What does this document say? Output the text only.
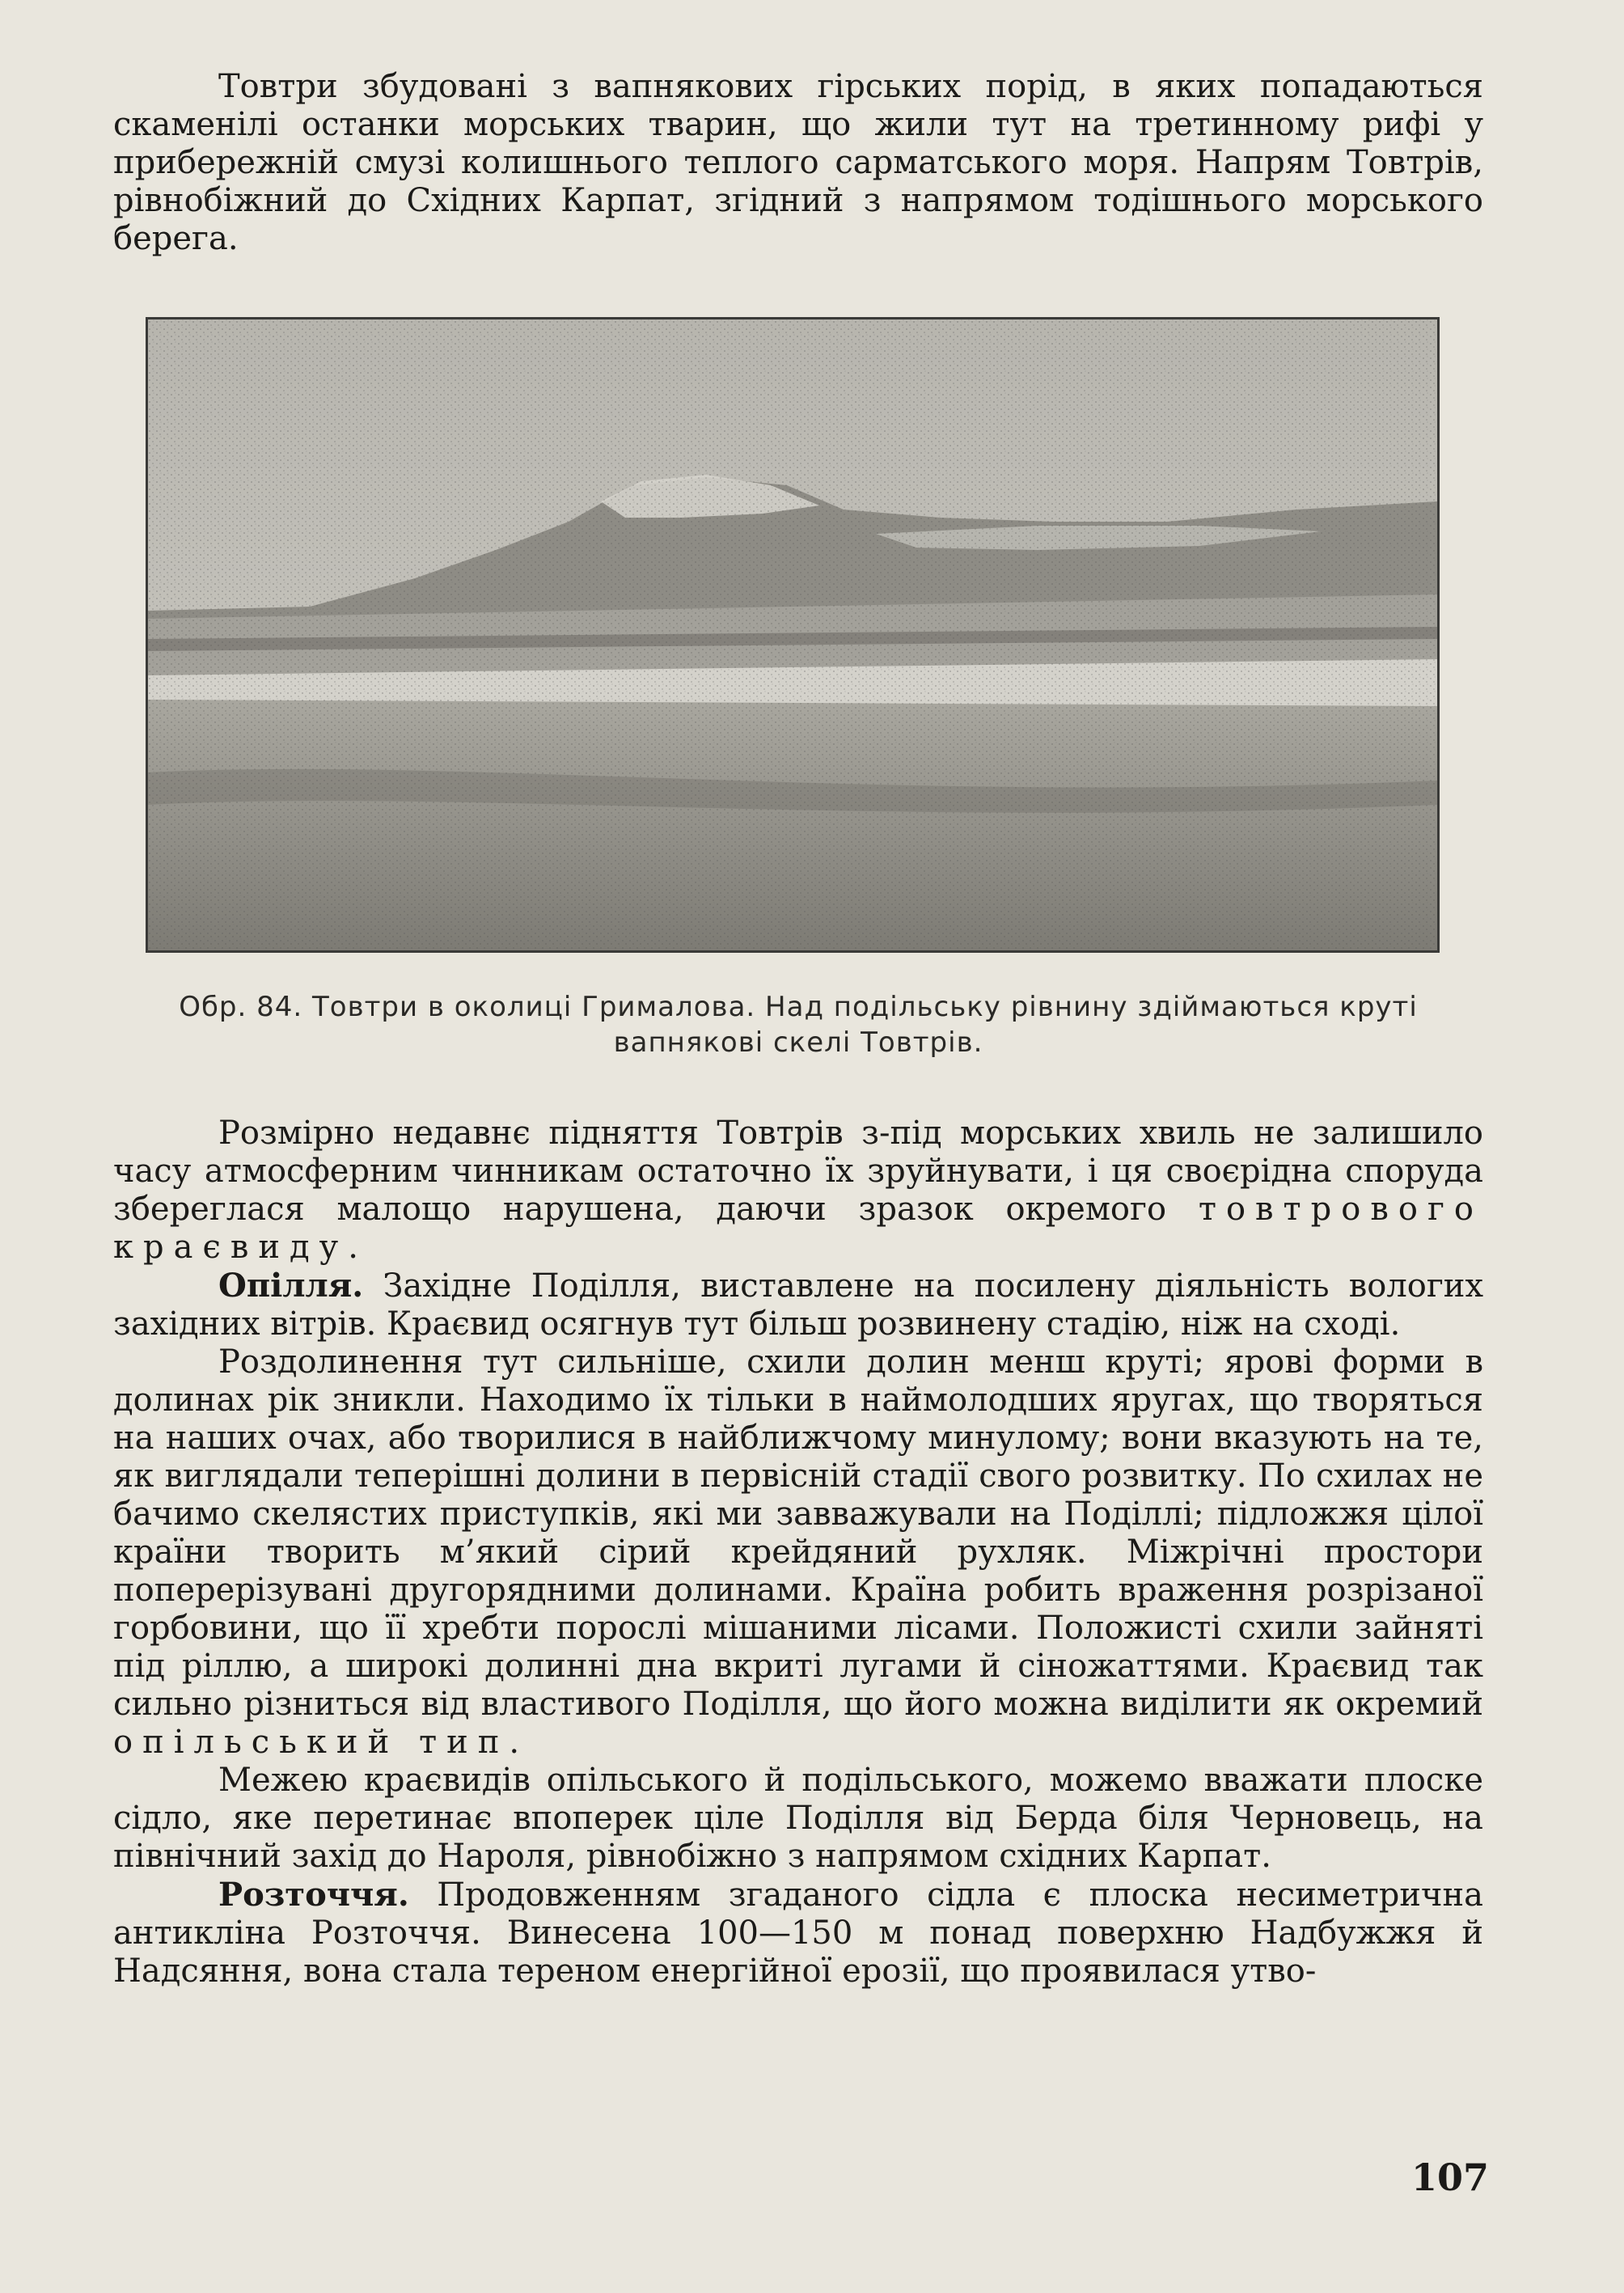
Товтри збудовані з вапнякових гірських порід, в яких попадаються скаменілі останки морських тварин, що жили тут на третинному рифі у прибережній смузі колишнього теплого сарматського моря. Напрям Товтрів, рівнобіжний до Східних Карпат, згідний з напрямом тодішнього морського берега.

Обр. 84. Товтри в околиці Грималова. Над подільську рівнину здіймаються круті вапнякові скелі Товтрів.

Розмірно недавнє підняття Товтрів з-під морських хвиль не залишило часу атмосферним чинникам остаточно їх зруйнувати, і ця своєрідна споруда збереглася малощо нарушена, даючи зразок окремого товтрового краєвиду.

Опілля. Західне Поділля, виставлене на посилену діяльність вологих західних вітрів. Краєвид осягнув тут більш розвинену стадію, ніж на сході.

Роздолинення тут сильніше, схили долин менш круті; ярові форми в долинах рік зникли. Находимо їх тільки в наймолодших яругах, що творяться на наших очах, або творилися в найближчому минулому; вони вказують на те, як виглядали теперішні долини в первісній стадії свого розвитку. По схилах не бачимо скелястих приступків, які ми завважували на Поділлі; підложжя цілої країни творить м’який сірий крейдяний рухляк. Міжрічні простори поперерізувані другорядними долинами. Країна робить враження розрізаної горбовини, що її хребти порослі мішаними лісами. Положисті схили зайняті під ріллю, а широкі долинні дна вкриті лугами й сіножаттями. Краєвид так сильно різниться від властивого Поділля, що його можна виділити як окремий опільський тип.

Межею краєвидів опільського й подільського, можемо вважати плоске сідло, яке перетинає впоперек ціле Поділля від Берда біля Черновець, на північний захід до Нароля, рівнобіжно з напрямом східних Карпат.

Розточчя. Продовженням згаданого сідла є плоска несиметрична антикліна Розточчя. Винесена 100—150 м понад поверхню Надбужжя й Надсяння, вона стала тереном енергійної ерозії, що проявилася утво-

107
